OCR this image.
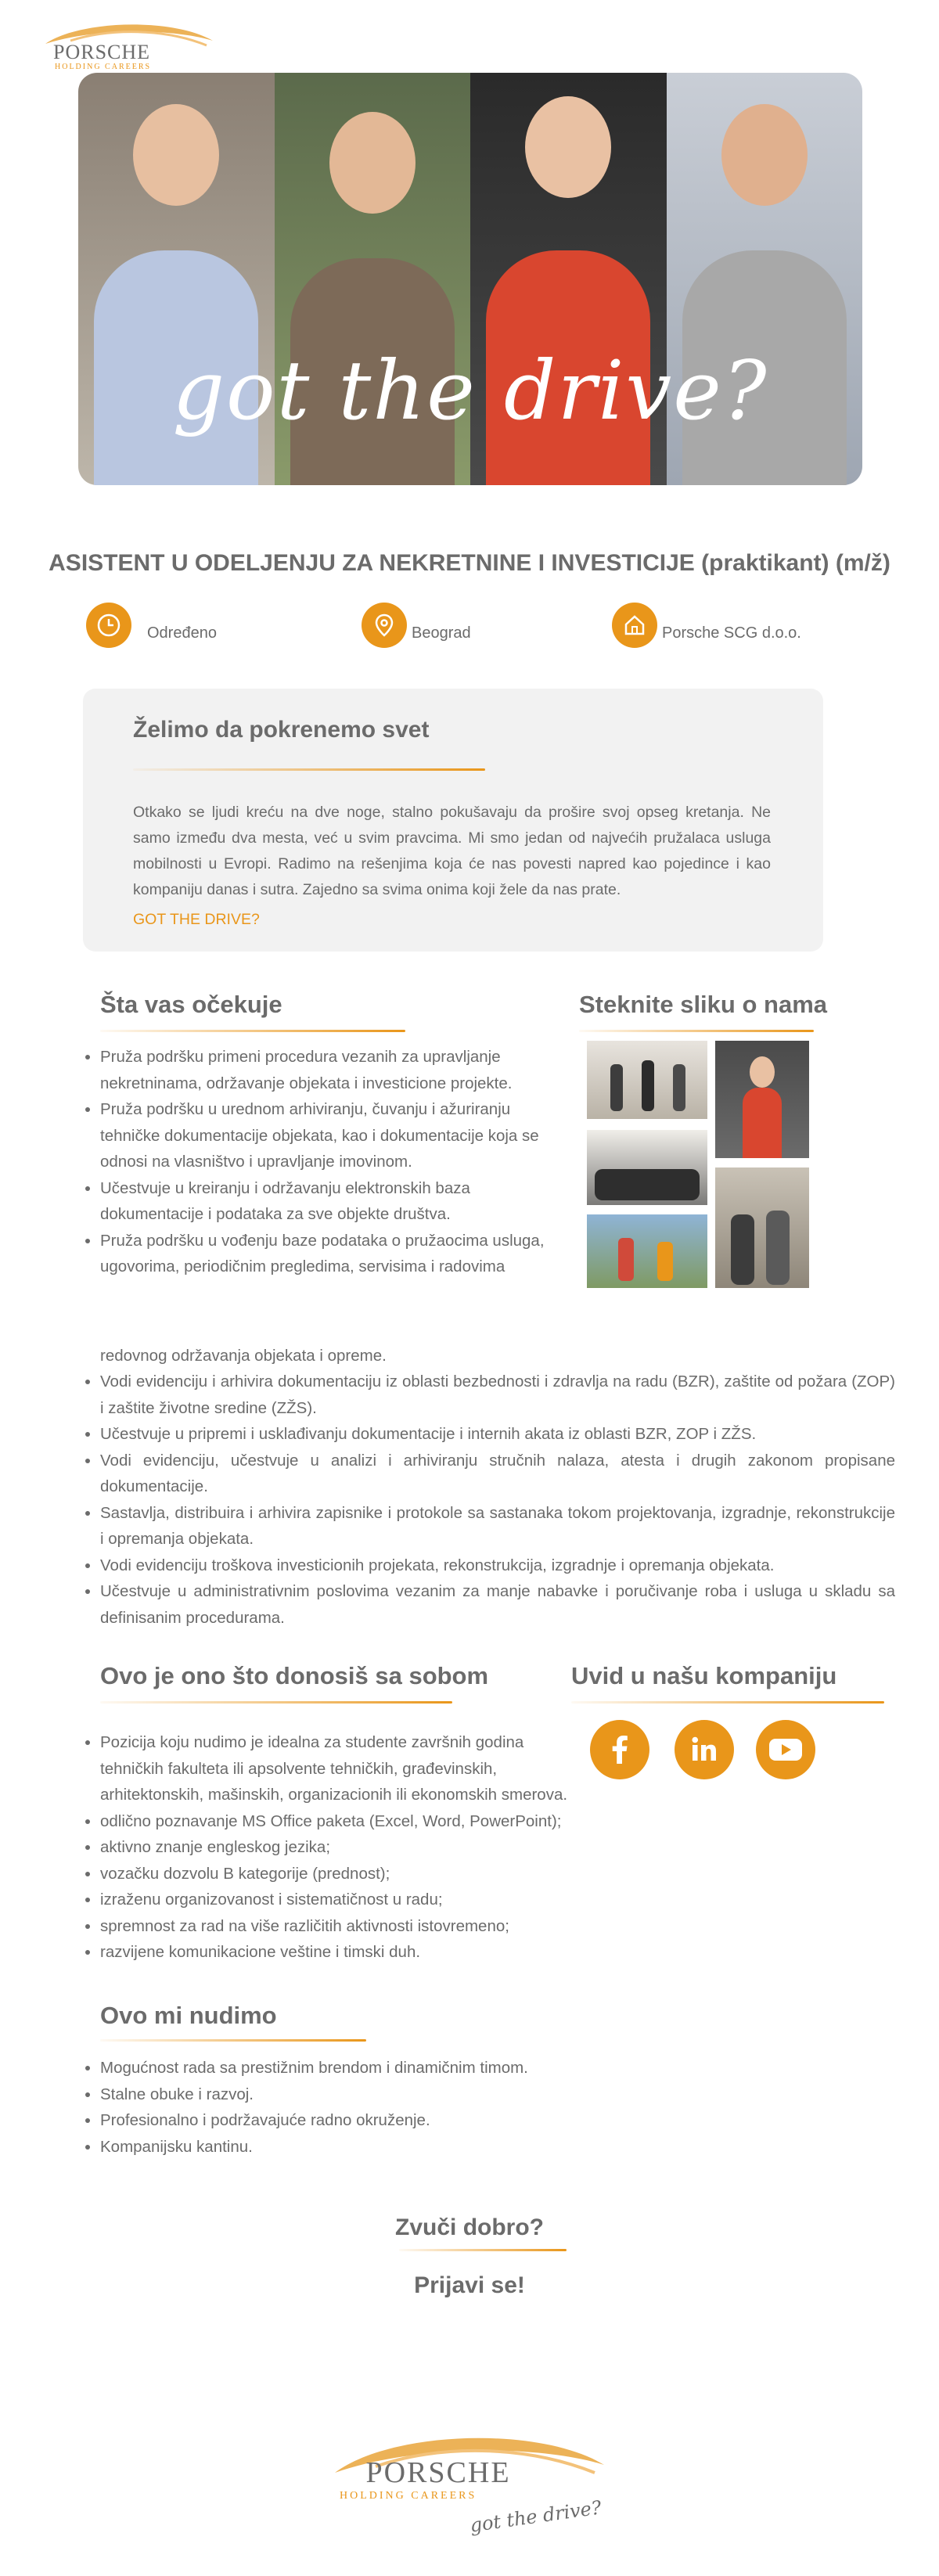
PORSCHE
HOLDING CAREERS
got the drive?
ASISTENT U ODELJENJU ZA NEKRETNINE I INVESTICIJE (praktikant) (m/ž)
Određeno	Beograd	Porsche SCG d.o.o.
Želimo da pokrenemo svet
Otkako se ljudi kreću na dve noge, stalno pokušavaju da prošire svoj opseg kretanja. Ne samo između dva mesta, već u svim pravcima. Mi smo jedan od najvećih pružalaca usluga mobilnosti u Evropi. Radimo na rešenjima koja će nas povesti napred kao pojedince i kao kompaniju danas i sutra. Zajedno sa svima onima koji žele da nas prate.
GOT THE DRIVE?
Šta vas očekuje
• Pruža podršku primeni procedura vezanih za upravljanje nekretninama, održavanje objekata i investicione projekte.
• Pruža podršku u urednom arhiviranju, čuvanju i ažuriranju tehničke dokumentacije objekata, kao i dokumentacije koja se odnosi na vlasništvo i upravljanje imovinom.
• Učestvuje u kreiranju i održavanju elektronskih baza dokumentacije i podataka za sve objekte društva.
• Pruža podršku u vođenju baze podataka o pružaocima usluga, ugovorima, periodičnim pregledima, servisima i radovima
Steknite sliku o nama
redovnog održavanja objekata i opreme.
• Vodi evidenciju i arhivira dokumentaciju iz oblasti bezbednosti i zdravlja na radu (BZR), zaštite od požara (ZOP) i zaštite životne sredine (ZŽS).
• Učestvuje u pripremi i usklađivanju dokumentacije i internih akata iz oblasti BZR, ZOP i ZŽS.
• Vodi evidenciju, učestvuje u analizi i arhiviranju stručnih nalaza, atesta i drugih zakonom propisane dokumentacije.
• Sastavlja, distribuira i arhivira zapisnike i protokole sa sastanaka tokom projektovanja, izgradnje, rekonstrukcije i opremanja objekata.
• Vodi evidenciju troškova investicionih projekata, rekonstrukcija, izgradnje i opremanja objekata.
• Učestvuje u administrativnim poslovima vezanim za manje nabavke i poručivanje roba i usluga u skladu sa definisanim procedurama.
Ovo je ono što donosiš sa sobom
• Pozicija koju nudimo je idealna za studente završnih godina tehničkih fakulteta ili apsolvente tehničkih, građevinskih, arhitektonskih, mašinskih, organizacionih ili ekonomskih smerova.
• odlično poznavanje MS Office paketa (Excel, Word, PowerPoint);
• aktivno znanje engleskog jezika;
• vozačku dozvolu B kategorije (prednost);
• izraženu organizovanost i sistematičnost u radu;
• spremnost za rad na više različitih aktivnosti istovremeno;
• razvijene komunikacione veštine i timski duh.
Uvid u našu kompaniju
Ovo mi nudimo
• Mogućnost rada sa prestižnim brendom i dinamičnim timom.
• Stalne obuke i razvoj.
• Profesionalno i podržavajuće radno okruženje.
• Kompanijsku kantinu.
Zvuči dobro?
Prijavi se!
PORSCHE
HOLDING CAREERS
got the drive?
